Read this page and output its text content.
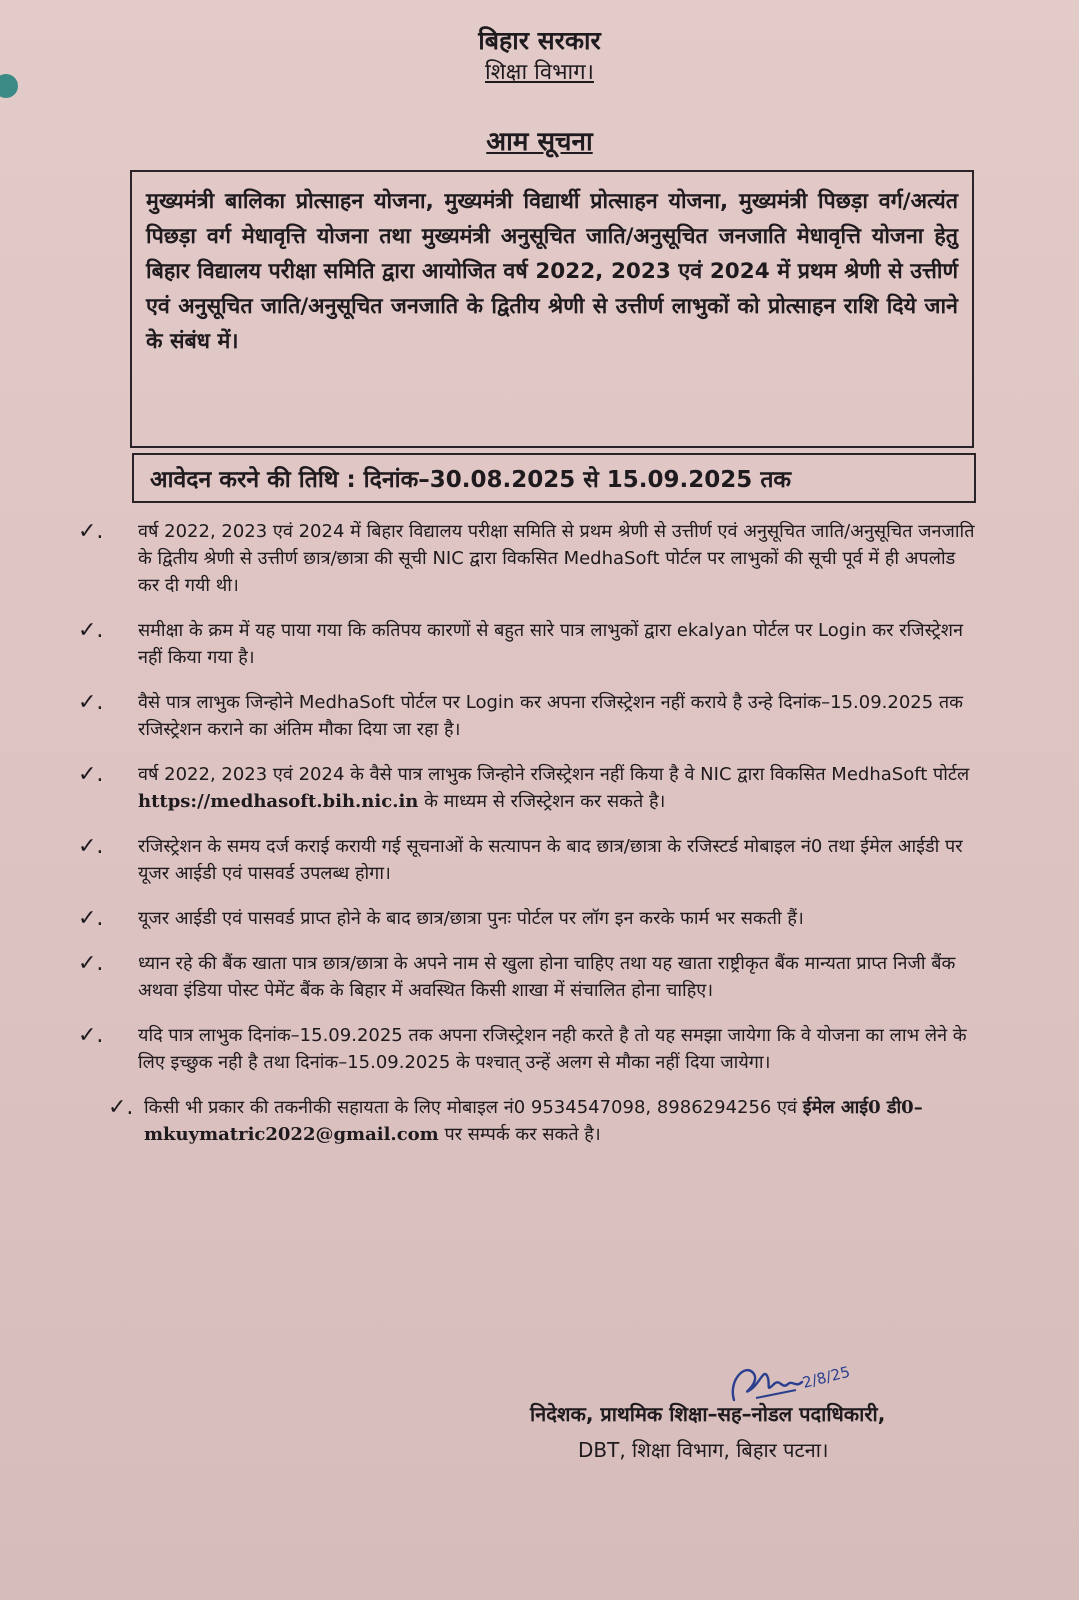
बिहार सरकार
शिक्षा विभाग।
आम सूचना
मुख्यमंत्री बालिका प्रोत्साहन योजना, मुख्यमंत्री विद्यार्थी प्रोत्साहन योजना, मुख्यमंत्री पिछड़ा वर्ग/अत्यंत पिछड़ा वर्ग मेधावृत्ति योजना तथा मुख्यमंत्री अनुसूचित जाति/अनुसूचित जनजाति मेधावृत्ति योजना हेतु बिहार विद्यालय परीक्षा समिति द्वारा आयोजित वर्ष 2022, 2023 एवं 2024 में प्रथम श्रेणी से उत्तीर्ण एवं अनुसूचित जाति/अनुसूचित जनजाति के द्वितीय श्रेणी से उत्तीर्ण लाभुकों को प्रोत्साहन राशि दिये जाने के संबंध में।
आवेदन करने की तिथि : दिनांक–30.08.2025 से 15.09.2025 तक
✓. वर्ष 2022, 2023 एवं 2024 में बिहार विद्यालय परीक्षा समिति से प्रथम श्रेणी से उत्तीर्ण एवं अनुसूचित जाति/अनुसूचित जनजाति के द्वितीय श्रेणी से उत्तीर्ण छात्र/छात्रा की सूची NIC द्वारा विकसित MedhaSoft पोर्टल पर लाभुकों की सूची पूर्व में ही अपलोड कर दी गयी थी।
✓. समीक्षा के क्रम में यह पाया गया कि कतिपय कारणों से बहुत सारे पात्र लाभुकों द्वारा ekalyan पोर्टल पर Login कर रजिस्ट्रेशन नहीं किया गया है।
✓. वैसे पात्र लाभुक जिन्होने MedhaSoft पोर्टल पर Login कर अपना रजिस्ट्रेशन नहीं कराये है उन्हे दिनांक–15.09.2025 तक रजिस्ट्रेशन कराने का अंतिम मौका दिया जा रहा है।
✓. वर्ष 2022, 2023 एवं 2024 के वैसे पात्र लाभुक जिन्होने रजिस्ट्रेशन नहीं किया है वे NIC द्वारा विकसित MedhaSoft पोर्टल https://medhasoft.bih.nic.in के माध्यम से रजिस्ट्रेशन कर सकते है।
✓. रजिस्ट्रेशन के समय दर्ज कराई करायी गई सूचनाओं के सत्यापन के बाद छात्र/छात्रा के रजिस्टर्ड मोबाइल नं0 तथा ईमेल आईडी पर यूजर आईडी एवं पासवर्ड उपलब्ध होगा।
✓. यूजर आईडी एवं पासवर्ड प्राप्त होने के बाद छात्र/छात्रा पुनः पोर्टल पर लॉग इन करके फार्म भर सकती हैं।
✓. ध्यान रहे की बैंक खाता पात्र छात्र/छात्रा के अपने नाम से खुला होना चाहिए तथा यह खाता राष्ट्रीकृत बैंक मान्यता प्राप्त निजी बैंक अथवा इंडिया पोस्ट पेमेंट बैंक के बिहार में अवस्थित किसी शाखा में संचालित होना चाहिए।
✓. यदि पात्र लाभुक दिनांक–15.09.2025 तक अपना रजिस्ट्रेशन नही करते है तो यह समझा जायेगा कि वे योजना का लाभ लेने के लिए इच्छुक नही है तथा दिनांक–15.09.2025 के पश्चात् उन्हें अलग से मौका नहीं दिया जायेगा।
✓. किसी भी प्रकार की तकनीकी सहायता के लिए मोबाइल नं0 9534547098, 8986294256 एवं ईमेल आई0 डी0–mkuymatric2022@gmail.com पर सम्पर्क कर सकते है।
2/8/25
निदेशक, प्राथमिक शिक्षा–सह–नोडल पदाधिकारी,
DBT, शिक्षा विभाग, बिहार पटना।
